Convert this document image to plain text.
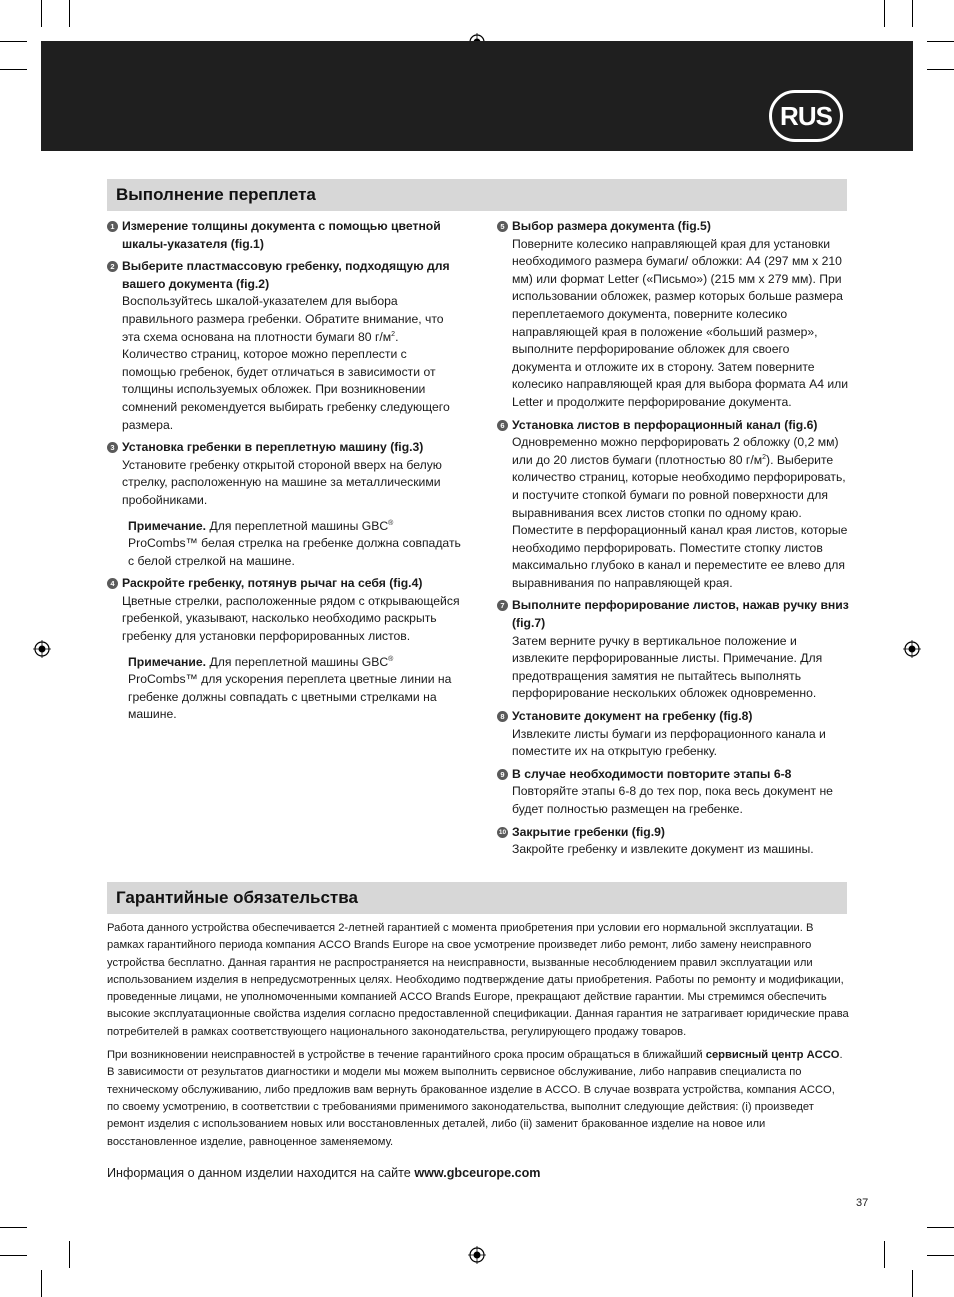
RUS
Выполнение переплета
1 Измерение толщины документа с помощью цветной шкалы-указателя (fig.1)
2 Выберите пластмассовую гребенку, подходящую для вашего документа (fig.2)
Воспользуйтесь шкалой-указателем для выбора правильного размера гребенки. Обратите внимание, что эта схема основана на плотности бумаги 80 $г/м^2$. Количество страниц, которое можно переплести с помощью гребенок, будет отличаться в зависимости от толщины используемых обложек. При возникновении сомнений рекомендуется выбирать гребенку следующего размера.
3 Установка гребенки в переплетную машину (fig.3)
Установите гребенку открытой стороной вверх на белую стрелку, расположенную на машине за металлическими пробойниками.
Примечание. Для переплетной машины GBC® ProCombs™ белая стрелка на гребенке должна совпадать с белой стрелкой на машине.
4 Раскройте гребенку, потянув рычаг на себя (fig.4)
Цветные стрелки, расположенные рядом с открывающейся гребенкой, указывают, насколько необходимо раскрыть гребенку для установки перфорированных листов.
Примечание. Для переплетной машины GBC® ProCombs™ для ускорения переплета цветные линии на гребенке должны совпадать с цветными стрелками на машине.
5 Выбор размера документа (fig.5)
Поверните колесико направляющей края для установки необходимого размера бумаги/ обложки: А4 (297 мм x 210 мм) или формат Letter («Письмо») (215 мм x 279 мм). При использовании обложек, размер которых больше размера переплетаемого документа, поверните колесико направляющей края в положение «больший размер», выполните перфорирование обложек для своего документа и отложите их в сторону. Затем поверните колесико направляющей края для выбора формата А4 или Letter и продолжите перфорирование документа.
6 Установка листов в перфорационный канал (fig.6)
Одновременно можно перфорировать 2 обложку (0,2 мм) или до 20 листов бумаги (плотностью 80 $г/м^2$). Выберите количество страниц, которые необходимо перфорировать, и постучите стопкой бумаги по ровной поверхности для выравнивания всех листов стопки по одному краю. Поместите в перфорационный канал края листов, которые необходимо перфорировать. Поместите стопку листов максимально глубоко в канал и переместите ее влево для выравнивания по направляющей края.
7 Выполните перфорирование листов, нажав ручку вниз (fig.7)
Затем верните ручку в вертикальное положение и извлеките перфорированные листы. Примечание. Для предотвращения замятия не пытайтесь выполнять перфорирование нескольких обложек одновременно.
8 Установите документ на гребенку (fig.8)
Извлеките листы бумаги из перфорационного канала и поместите их на открытую гребенку.
9 В случае необходимости повторите этапы 6-8
Повторяйте этапы 6-8 до тех пор, пока весь документ не будет полностью размещен на гребенке.
10 Закрытие гребенки (fig.9)
Закройте гребенку и извлеките документ из машины.
Гарантийные обязательства

Работа данного устройства обеспечивается 2-летней гарантией с момента приобретения при условии его нормальной эксплуатации. В рамках гарантийного периода компания ACCO Brands Europe на свое усмотрение произведет либо ремонт, либо замену неисправного устройства бесплатно. Данная гарантия не распространяется на неисправности, вызванные несоблюдением правил эксплуатации или использованием изделия в непредусмотренных целях. Необходимо подтверждение даты приобретения. Работы по ремонту и модификации, проведенные лицами, не уполномоченными компанией ACCO Brands Europe, прекращают действие гарантии. Мы стремимся обеспечить высокие эксплуатационные свойства изделия согласно предоставленной спецификации. Данная гарантия не затрагивает юридические права потребителей в рамках соответствующего национального законодательства, регулирующего продажу товаров.

При возникновении неисправностей в устройстве в течение гарантийного срока просим обращаться в ближайший сервисный центр ACCO. В зависимости от результатов диагностики и модели мы можем выполнить сервисное обслуживание, либо направив специалиста по техническому обслуживанию, либо предложив вам вернуть бракованное изделие в ACCO. В случае возврата устройства, компания ACCO, по своему усмотрению, в соответствии с требованиями применимого законодательства, выполнит следующие действия: (i) произведет ремонт изделия с использованием новых или восстановленных деталей, либо (ii) заменит бракованное изделие на новое или восстановленное изделие, равноценное заменяемому.

Информация о данном изделии находится на сайте www.gbceurope.com
37
